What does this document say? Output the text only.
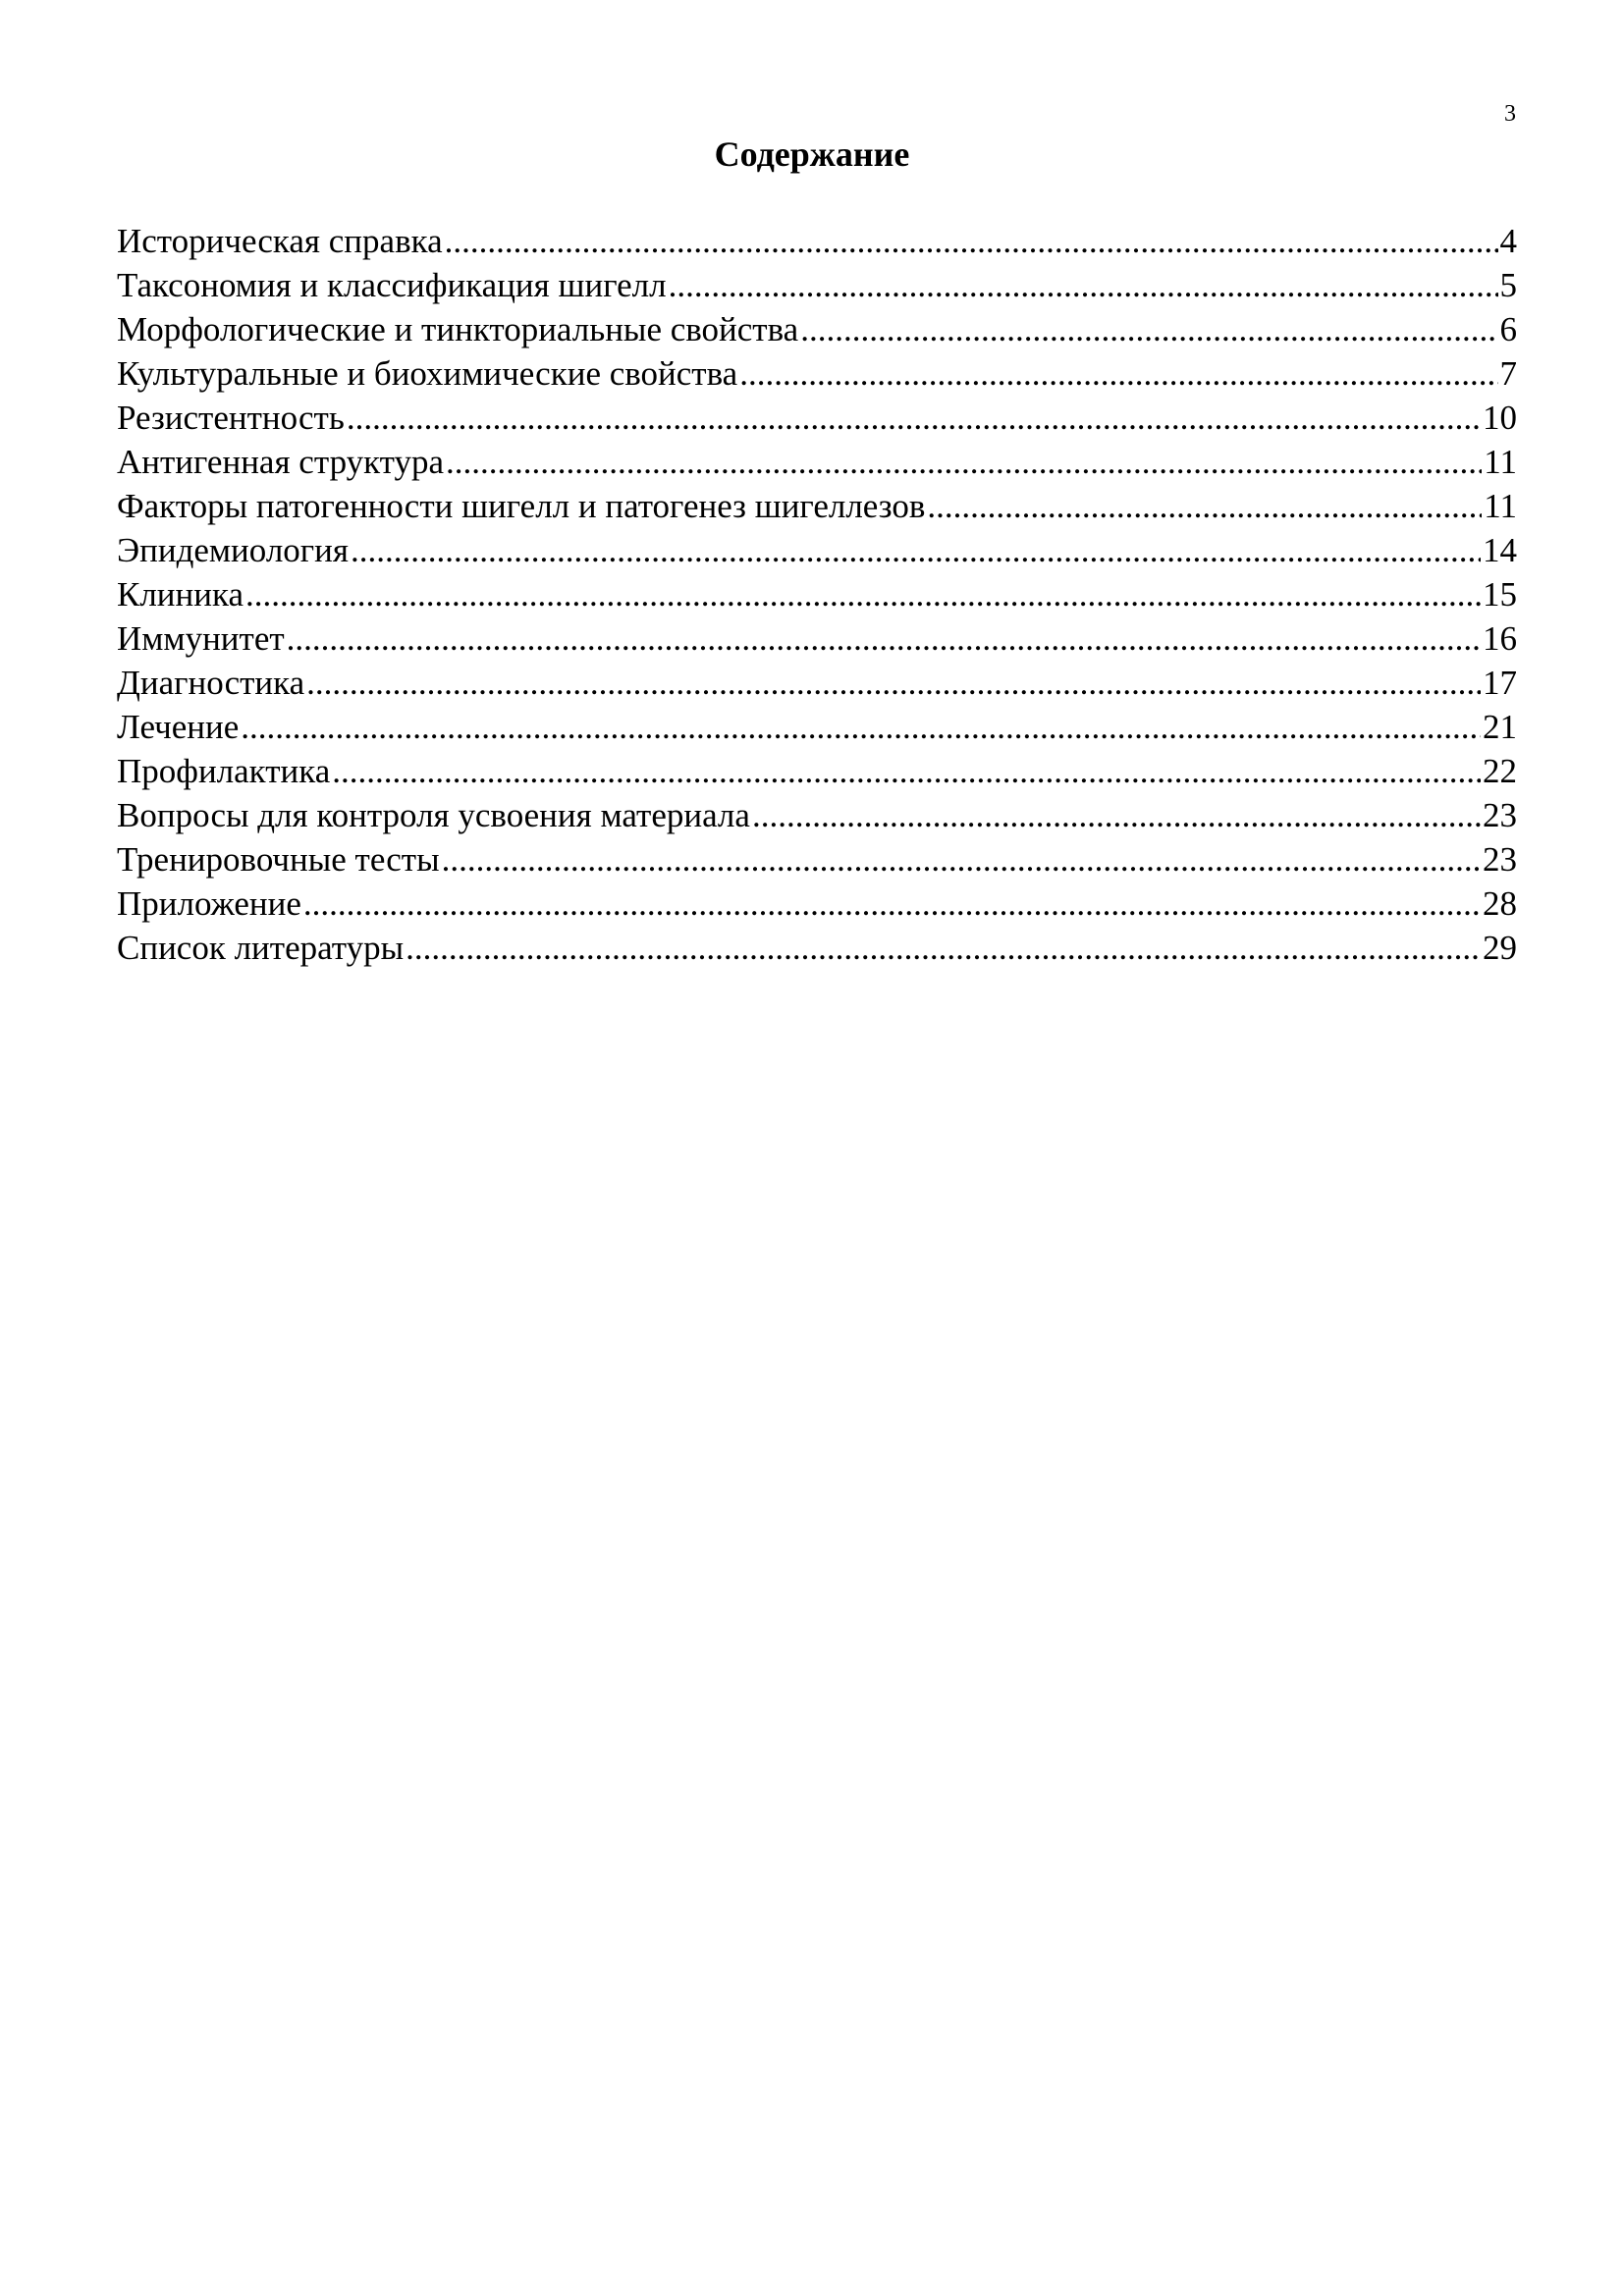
3
Содержание
Историческая справка .....	4
Таксономия и классификация шигелл .....	5
Морфологические и тинкториальные свойства .....	6
Культуральные и биохимические свойства .....	7
Резистентность .....	10
Антигенная структура .....	11
Факторы патогенности шигелл и патогенез шигеллезов .....	11
Эпидемиология .....	14
Клиника .....	15
Иммунитет .....	16
Диагностика .....	17
Лечение .....	21
Профилактика .....	22
Вопросы для контроля усвоения материала .....	23
Тренировочные тесты .....	23
Приложение .....	28
Список литературы .....	29
